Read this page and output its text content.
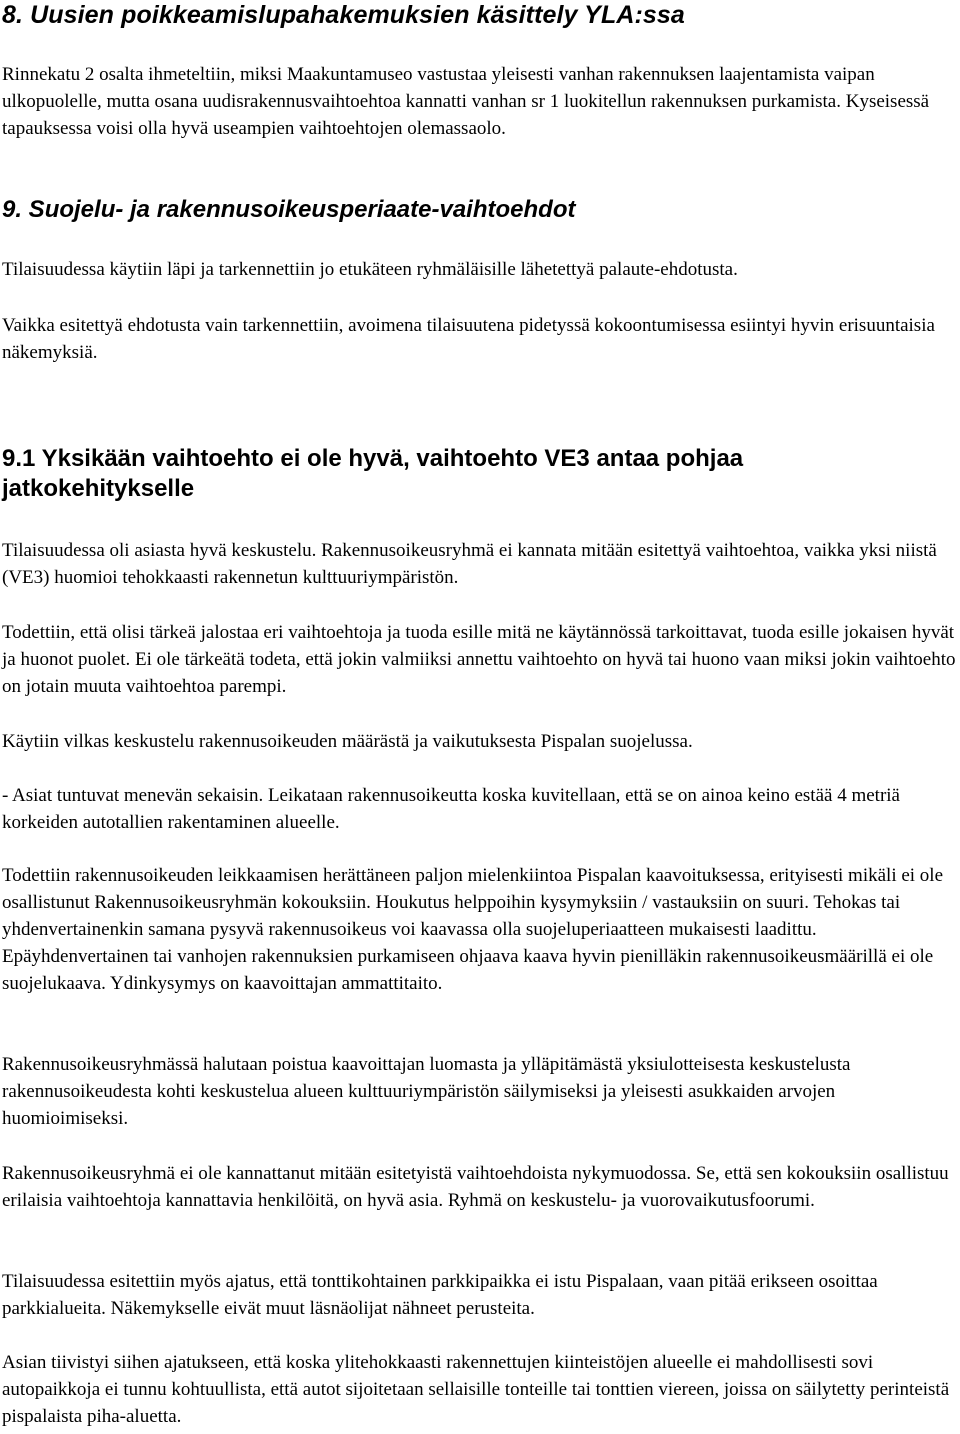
8. Uusien poikkeamislupahakemuksien käsittely YLA:ssa

Rinnekatu 2 osalta ihmeteltiin, miksi Maakuntamuseo vastustaa yleisesti vanhan rakennuksen laajentamista vaipan ulkopuolelle, mutta osana uudisrakennusvaihtoehtoa kannatti vanhan sr 1 luokitellun rakennuksen purkamista. Kyseisessä tapauksessa voisi olla hyvä useampien vaihtoehtojen olemassaolo.

9. Suojelu- ja rakennusoikeusperiaate-vaihtoehdot

Tilaisuudessa käytiin läpi ja tarkennettiin jo etukäteen ryhmäläisille lähetettyä palaute-ehdotusta.

Vaikka esitettyä ehdotusta vain tarkennettiin, avoimena tilaisuutena pidetyssä kokoontumisessa esiintyi hyvin erisuuntaisia näkemyksiä.

9.1 Yksikään vaihtoehto ei ole hyvä, vaihtoehto VE3 antaa pohjaa jatkokehitykselle

Tilaisuudessa oli asiasta hyvä keskustelu. Rakennusoikeusryhmä ei kannata mitään esitettyä vaihtoehtoa, vaikka yksi niistä (VE3) huomioi tehokkaasti rakennetun kulttuuriympäristön.

Todettiin, että olisi tärkeä jalostaa eri vaihtoehtoja ja tuoda esille mitä ne käytännössä tarkoittavat, tuoda esille jokaisen hyvät ja huonot puolet. Ei ole tärkeätä todeta, että jokin valmiiksi annettu vaihtoehto on hyvä tai huono vaan miksi jokin vaihtoehto on jotain muuta vaihtoehtoa parempi.

Käytiin vilkas keskustelu rakennusoikeuden määrästä ja vaikutuksesta Pispalan suojelussa.

- Asiat tuntuvat menevän sekaisin. Leikataan rakennusoikeutta koska kuvitellaan, että se on ainoa keino estää 4 metriä korkeiden autotallien rakentaminen alueelle.

Todettiin rakennusoikeuden leikkaamisen herättäneen paljon mielenkiintoa Pispalan kaavoituksessa, erityisesti mikäli ei ole osallistunut Rakennusoikeusryhmän kokouksiin. Houkutus helppoihin kysymyksiin / vastauksiin on suuri. Tehokas tai yhdenvertainenkin samana pysyvä rakennusoikeus voi kaavassa olla suojeluperiaatteen mukaisesti laadittu. Epäyhdenvertainen tai vanhojen rakennuksien purkamiseen ohjaava kaava hyvin pienilläkin rakennusoikeusmäärillä ei ole suojelukaava. Ydinkysymys on kaavoittajan ammattitaito.

Rakennusoikeusryhmässä halutaan poistua kaavoittajan luomasta ja ylläpitämästä yksiulotteisesta keskustelusta rakennusoikeudesta kohti keskustelua alueen kulttuuriympäristön säilymiseksi ja yleisesti asukkaiden arvojen huomioimiseksi.

Rakennusoikeusryhmä ei ole kannattanut mitään esitetyistä vaihtoehdoista nykymuodossa. Se, että sen kokouksiin osallistuu erilaisia vaihtoehtoja kannattavia henkilöitä, on hyvä asia. Ryhmä on keskustelu- ja vuorovaikutusfoorumi.

Tilaisuudessa esitettiin myös ajatus, että tonttikohtainen parkkipaikka ei istu Pispalaan, vaan pitää erikseen osoittaa parkkialueita. Näkemykselle eivät muut läsnäolijat nähneet perusteita.

Asian tiivistyi siihen ajatukseen, että koska ylitehokkaasti rakennettujen kiinteistöjen alueelle ei mahdollisesti sovi autopaikkoja ei tunnu kohtuullista, että autot sijoitetaan sellaisille tonteille tai tonttien viereen, joissa on säilytetty perinteistä pispalaista piha-aluetta.
